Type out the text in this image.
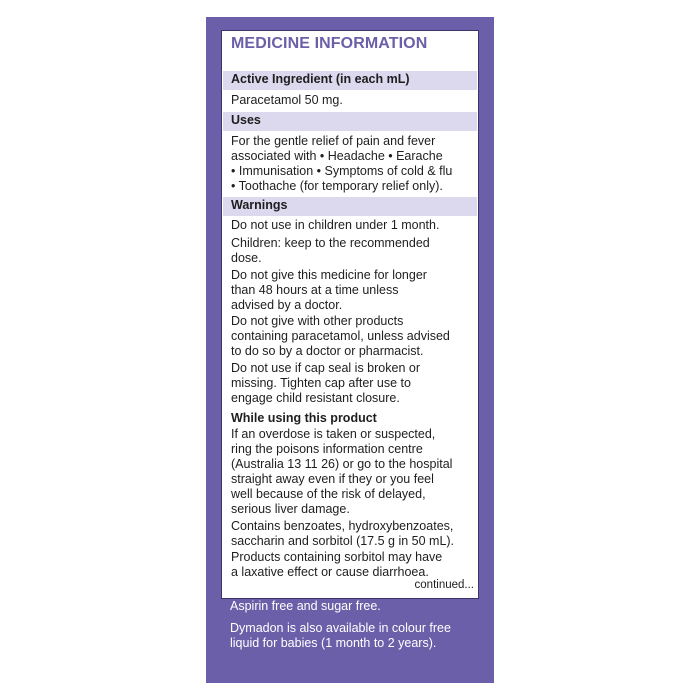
MEDICINE INFORMATION
Active Ingredient (in each mL)
Paracetamol 50 mg.
Uses
For the gentle relief of pain and fever
associated with • Headache • Earache
• Immunisation • Symptoms of cold & flu
• Toothache (for temporary relief only).
Warnings
Do not use in children under 1 month.
Children: keep to the recommended
dose.
Do not give this medicine for longer
than 48 hours at a time unless
advised by a doctor.
Do not give with other products
containing paracetamol, unless advised
to do so by a doctor or pharmacist.
Do not use if cap seal is broken or
missing. Tighten cap after use to
engage child resistant closure.
While using this product
If an overdose is taken or suspected,
ring the poisons information centre
(Australia 13 11 26) or go to the hospital
straight away even if they or you feel
well because of the risk of delayed,
serious liver damage.
Contains benzoates, hydroxybenzoates,
saccharin and sorbitol (17.5 g in 50 mL).
Products containing sorbitol may have
a laxative effect or cause diarrhoea.
continued...
Aspirin free and sugar free.
Dymadon is also available in colour free
liquid for babies (1 month to 2 years).
